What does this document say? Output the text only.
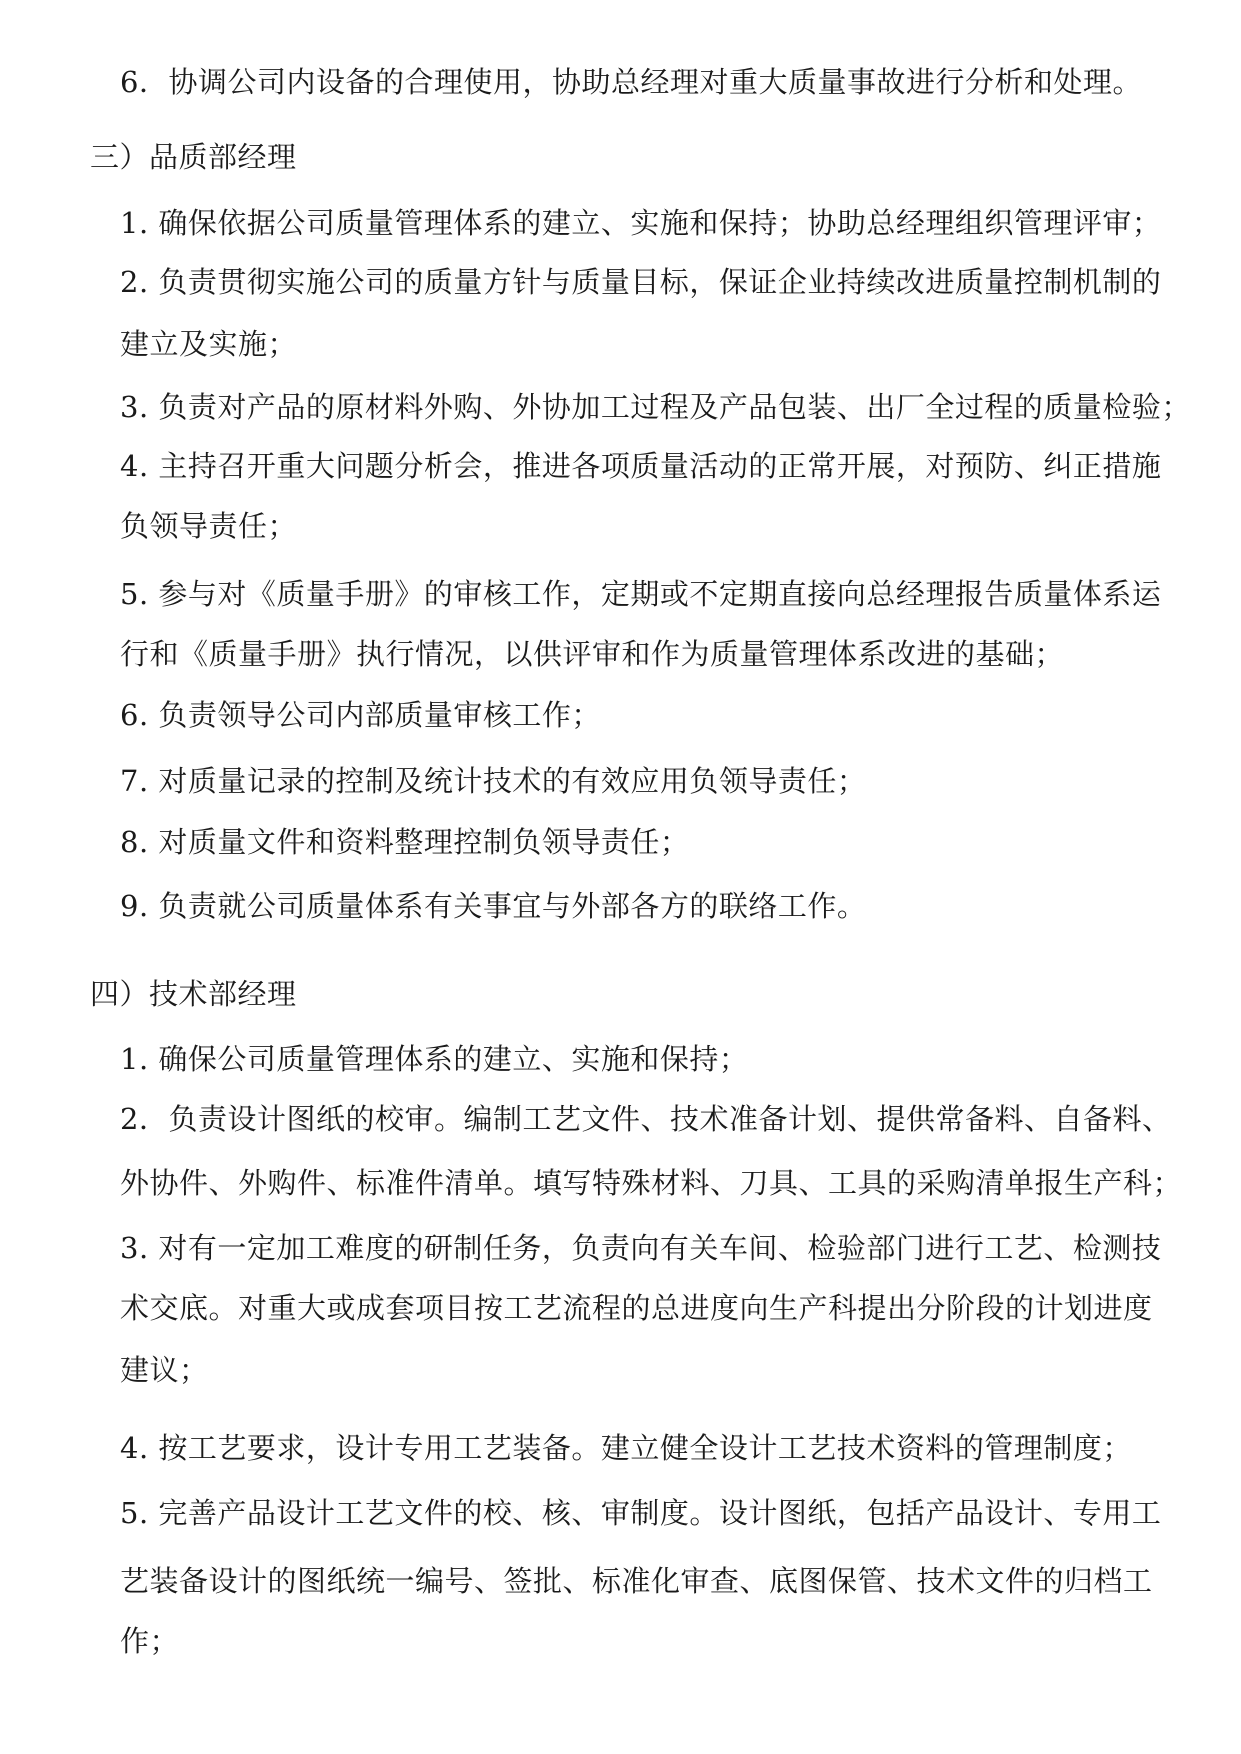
6．协调公司内设备的合理使用，协助总经理对重大质量事故进行分析和处理。
三）品质部经理
1. 确保依据公司质量管理体系的建立、实施和保持；协助总经理组织管理评审；
2. 负责贯彻实施公司的质量方针与质量目标，保证企业持续改进质量控制机制的
建立及实施；
3. 负责对产品的原材料外购、外协加工过程及产品包装、出厂全过程的质量检验；
4. 主持召开重大问题分析会，推进各项质量活动的正常开展，对预防、纠正措施
负领导责任；
5. 参与对《质量手册》的审核工作，定期或不定期直接向总经理报告质量体系运
行和《质量手册》执行情况，以供评审和作为质量管理体系改进的基础；
6. 负责领导公司内部质量审核工作；
7. 对质量记录的控制及统计技术的有效应用负领导责任；
8. 对质量文件和资料整理控制负领导责任；
9. 负责就公司质量体系有关事宜与外部各方的联络工作。
四）技术部经理
1. 确保公司质量管理体系的建立、实施和保持；
2．负责设计图纸的校审。编制工艺文件、技术准备计划、提供常备料、自备料、
外协件、外购件、标准件清单。填写特殊材料、刀具、工具的采购清单报生产科；
3. 对有一定加工难度的研制任务，负责向有关车间、检验部门进行工艺、检测技
术交底。对重大或成套项目按工艺流程的总进度向生产科提出分阶段的计划进度
建议；
4. 按工艺要求，设计专用工艺装备。建立健全设计工艺技术资料的管理制度；
5. 完善产品设计工艺文件的校、核、审制度。设计图纸，包括产品设计、专用工
艺装备设计的图纸统一编号、签批、标准化审查、底图保管、技术文件的归档工
作；
